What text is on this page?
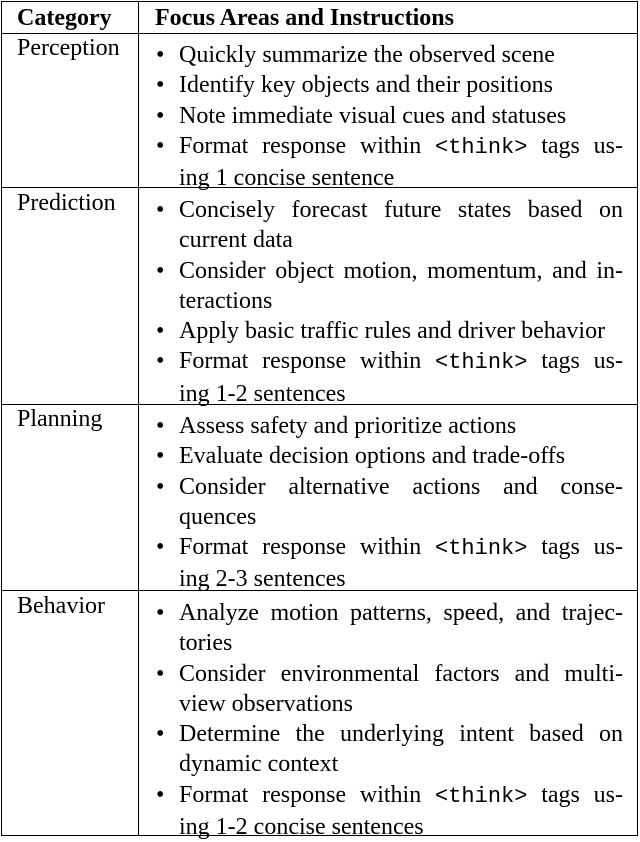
Category Focus Areas and Instructions
Perception • Quickly summarize the observed scene
• Identify key objects and their positions
• Note immediate visual cues and statuses
• Format response within <think> tags us-
ing 1 concise sentence
Prediction • Concisely forecast future states based on
current data
• Consider object motion, momentum, and in-
teractions
• Apply basic traffic rules and driver behavior
• Format response within <think> tags us-
ing 1-2 sentences
Planning • Assess safety and prioritize actions
• Evaluate decision options and trade-offs
• Consider alternative actions and conse-
quences
• Format response within <think> tags us-
ing 2-3 sentences
Behavior • Analyze motion patterns, speed, and trajec-
tories
• Consider environmental factors and multi-
view observations
• Determine the underlying intent based on
dynamic context
• Format response within <think> tags us-
ing 1-2 concise sentences
